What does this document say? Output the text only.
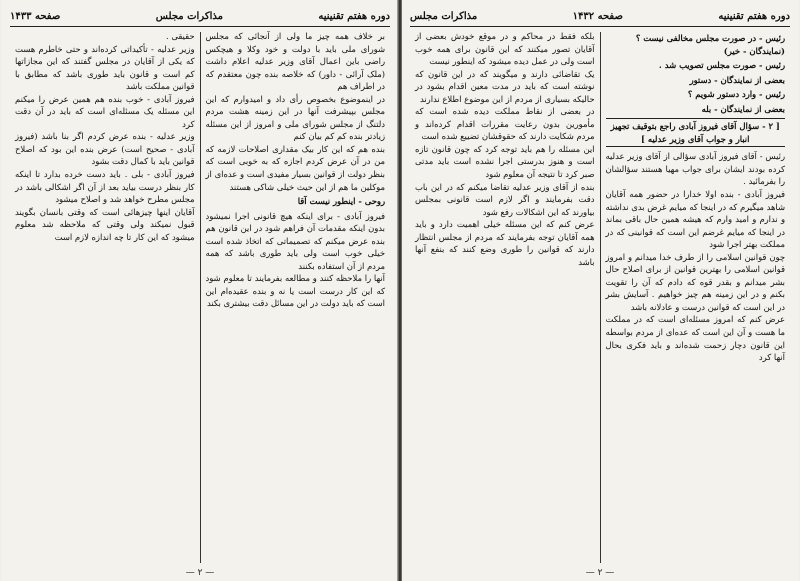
دوره هفتم تقنینیه
مذاکرات مجلس
صفحه ۱۴۳۳

بر خلاف همه چیز ما ولی از آنجائی که مجلس شورای ملی باید با دولت و خود وکلا و هیچکس راضی باین اعمال آقای وزیر عدلیه اعلام داشت (ملک آرائی - داور) که خلاصه بنده چون معتقدم که در اطراف هم

در اینموضوع بخصوص رأی داد و امیدوارم که این مجلس بپیشرفت آنها در این زمینه هشت مردم دلتنگ از مجلس شورای ملی و امروز از این مسئله زیادتر بنده کم کم بیان کنم

بنده هم که این کار بیک مقداری اصلاحات لازمه که من در آن عرض کردم اجازه که به خوبی است که بنظر دولت از قوانین بسیار مفیدی است و عده‌ای از موکلین ما هم از این حیث خیلی شاکی هستند

روحی - اینطور نیست آقا

فیروز آبادی - برای اینکه هیچ قانونی اجرا نمیشود بدون اینکه مقدمات آن فراهم شود در این قانون هم بنده عرض میکنم که تصمیماتی که اتخاذ شده است خیلی خوب است ولی باید طوری باشد که همه مردم از آن استفاده بکنند

آنها را ملاحظه کنند و مطالعه بفرمایند تا معلوم شود که این کار درست است یا نه و بنده عقیده‌ام این است که باید دولت در این مسائل دقت بیشتری بکند

حقیقی .

وزیر عدلیه - تأکیداتی کرده‌اند و حتی خاطرم هست که یکی از آقایان در مجلس گفتند که این مجازاتها کم است و قانون باید طوری باشد که مطابق با قوانین مملکت باشد

فیروز آبادی - خوب بنده هم همین عرض را میکنم این مسئله یک مسئله‌ای است که باید در آن دقت کرد

وزیر عدلیه - بنده عرض کردم اگر بنا باشد (فیروز آبادی - صحیح است) عرض بنده این بود که اصلاح قوانین باید با کمال دقت بشود

فیروز آبادی - بلی . باید دست خرده بدارد تا اینکه کار بنظر درست بیاید بعد از آن اگر اشکالی باشد در مجلس مطرح خواهد شد و اصلاح میشود

آقایان اینها چیزهائی است که وقتی بانسان بگویند قبول نمیکند ولی وقتی که ملاحظه شد معلوم میشود که این کار تا چه اندازه لازم است

— ۲ —
دوره هفتم تقنینیه
صفحه ۱۴۳۲
مذاکرات مجلس

رئیس - در صورت مجلس مخالفی نیست ؟ (نمایندگان - خیر)

رئیس - صورت مجلس تصویب شد .

بعضی از نمایندگان - دستور

رئیس - وارد دستور شویم ؟

بعضی از نمایندگان - بله

[ ۲ - سؤال آقای فیروز آبادی راجع بتوقیف تجهیز انبار و جواب آقای وزیر عدلیه ]

رئیس - آقای فیروز آبادی سؤالی از آقای وزیر عدلیه کرده بودند ایشان برای جواب مهیا هستند سؤالشان را بفرمائید .

فیروز آبادی - بنده اولا خدارا در حضور همه آقایان شاهد میگیرم که در اینجا که میایم غرض بدی نداشته و ندارم و امید وارم که هیشه همین حال باقی بماند در اینجا که میایم غرضم این است که قوانینی که در مملکت بهتر اجرا شود

چون قوانین اسلامی را از طرف خدا میدانم و امروز قوانین اسلامی را بهترین قوانین از برای اصلاح حال بشر میدانم و بقدر قوه که دادم که آن را تقویت بکنم و در این زمینه هم چیز خواهیم . آسایش بشر در این است که قوانین درست و عادلانه باشد

عرض کنم که امروز مسئله‌ای است که در مملکت ما هست و آن این است که عده‌ای از مردم بواسطه این قانون دچار زحمت شده‌اند و باید فکری بحال آنها کرد

بلکه فقط در محاکم و در موقع خودش بعضی از آقایان تصور میکنند که این قانون برای همه خوب است ولی در عمل دیده میشود که اینطور نیست

یک تقاضائی دارند و میگویند که در این قانون که نوشته است که باید در مدت معین اقدام بشود در حالیکه بسیاری از مردم از این موضوع اطلاع ندارند

در بعضی از نقاط مملکت دیده شده است که مأمورین بدون رعایت مقررات اقدام کرده‌اند و مردم شکایت دارند که حقوقشان تضییع شده است

این مسئله را هم باید توجه کرد که چون قانون تازه است و هنوز بدرستی اجرا نشده است باید مدتی صبر کرد تا نتیجه آن معلوم شود

بنده از آقای وزیر عدلیه تقاضا میکنم که در این باب دقت بفرمایند و اگر لازم است قانونی بمجلس بیاورند که این اشکالات رفع شود

عرض کنم که این مسئله خیلی اهمیت دارد و باید همه آقایان توجه بفرمایند که مردم از مجلس انتظار دارند که قوانین را طوری وضع کنند که بنفع آنها باشد

— ۲ —
